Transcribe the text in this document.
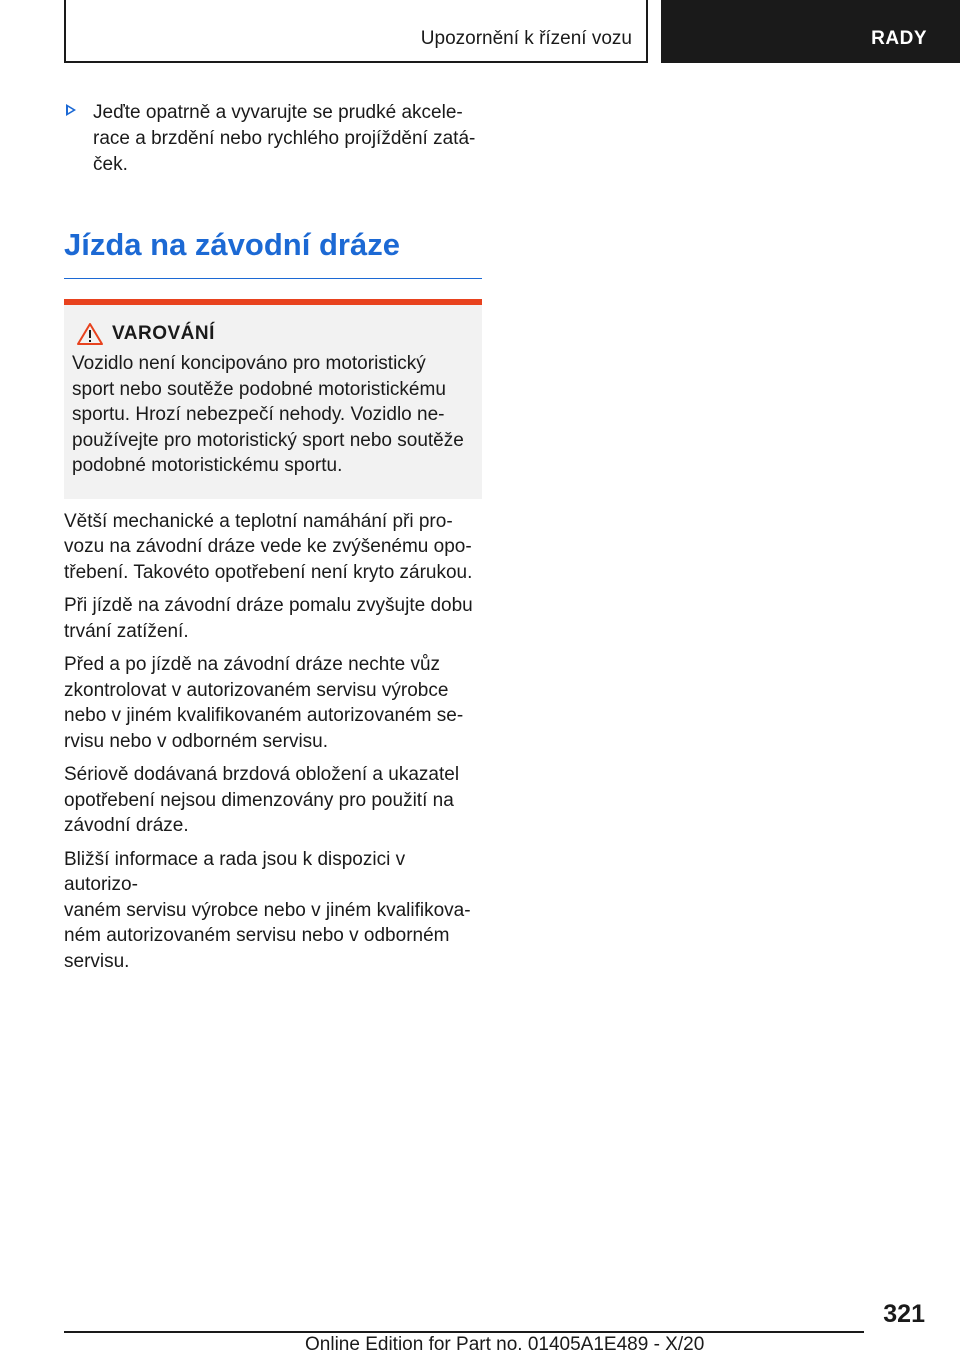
Upozornění k řízení vozu	RADY
Jeďte opatrně a vyvarujte se prudké akcele-
race a brzdění nebo rychlého projíždění zatá-
ček.
Jízda na závodní dráze
VAROVÁNÍ
Vozidlo není koncipováno pro motoristický
sport nebo soutěže podobné motoristickému
sportu. Hrozí nebezpečí nehody. Vozidlo ne-
používejte pro motoristický sport nebo soutěže
podobné motoristickému sportu.
Větší mechanické a teplotní namáhání při pro-
vozu na závodní dráze vede ke zvýšenému opo-
třebení. Takovéto opotřebení není kryto zárukou.
Při jízdě na závodní dráze pomalu zvyšujte dobu
trvání zatížení.
Před a po jízdě na závodní dráze nechte vůz
zkontrolovat v autorizovaném servisu výrobce
nebo v jiném kvalifikovaném autorizovaném se-
rvisu nebo v odborném servisu.
Sériově dodávaná brzdová obložení a ukazatel
opotřebení nejsou dimenzovány pro použití na
závodní dráze.
Bližší informace a rada jsou k dispozici v autorizo-
vaném servisu výrobce nebo v jiném kvalifikova-
ném autorizovaném servisu nebo v odborném
servisu.
321
Online Edition for Part no. 01405A1E489 - X/20
